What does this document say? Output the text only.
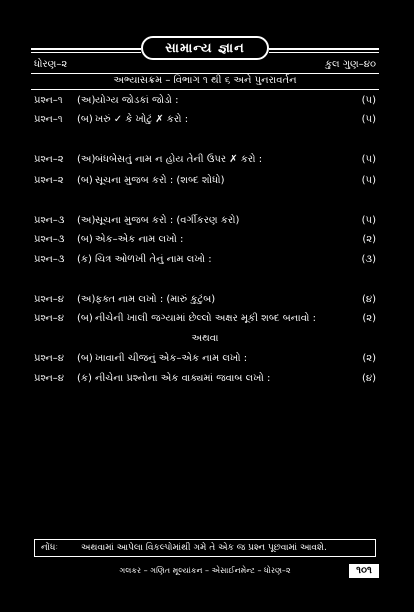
સામાન્ય જ્ઞાન
ધોરણ–૨	કુલ ગુણ–૪૦
અભ્યાસક્રમ – વિભાગ ૧ થી ૬ અને પુનરાવર્તન
પ્રશ્ન–૧ (અ) યોગ્ય જોડકાં જોડો :	(૫)
પ્રશ્ન–૧ (બ) ખરું ✓ કે ખોટું ✗ કરો :	(૫)
પ્રશ્ન–૨ (અ) બંધબેસતું નામ ન હોય તેની ઉપર ✗ કરો :	(૫)
પ્રશ્ન–૨ (બ) સૂચના મુજબ કરો : (શબ્દ શોધો)	(૫)
પ્રશ્ન–૩ (અ) સૂચના મુજબ કરો : (વર્ગીકરણ કરો)	(૫)
પ્રશ્ન–૩ (બ) એક–એક નામ લખો :	(૨)
પ્રશ્ન–૩ (ક) ચિત્ર ઓળખી તેનું નામ લખો :	(૩)
પ્રશ્ન–૪ (અ) ફક્ત નામ લખો : (મારું કુટુંબ)	(૪)
પ્રશ્ન–૪ (બ) નીચેની ખાલી જગ્યામાં છેલ્લો અક્ષર મૂકી શબ્દ બનાવો :	(૨)
અથવા
પ્રશ્ન–૪ (બ) ખાવાની ચીજનું એક–એક નામ લખો :	(૨)
પ્રશ્ન–૪ (ક) નીચેના પ્રશ્નોના એક વાક્યમાં જવાબ લખો :	(૪)
નોંધઃ	અથવામાં આપેલા વિકલ્પોમાંથી ગમે તે એક જ પ્રશ્ન પૂછવામાં આવશે.
ગલકર – ગણિત મૂલ્યાંકન – એસાઈનમેન્ટ – ધોરણ–૨	૧૦૧
